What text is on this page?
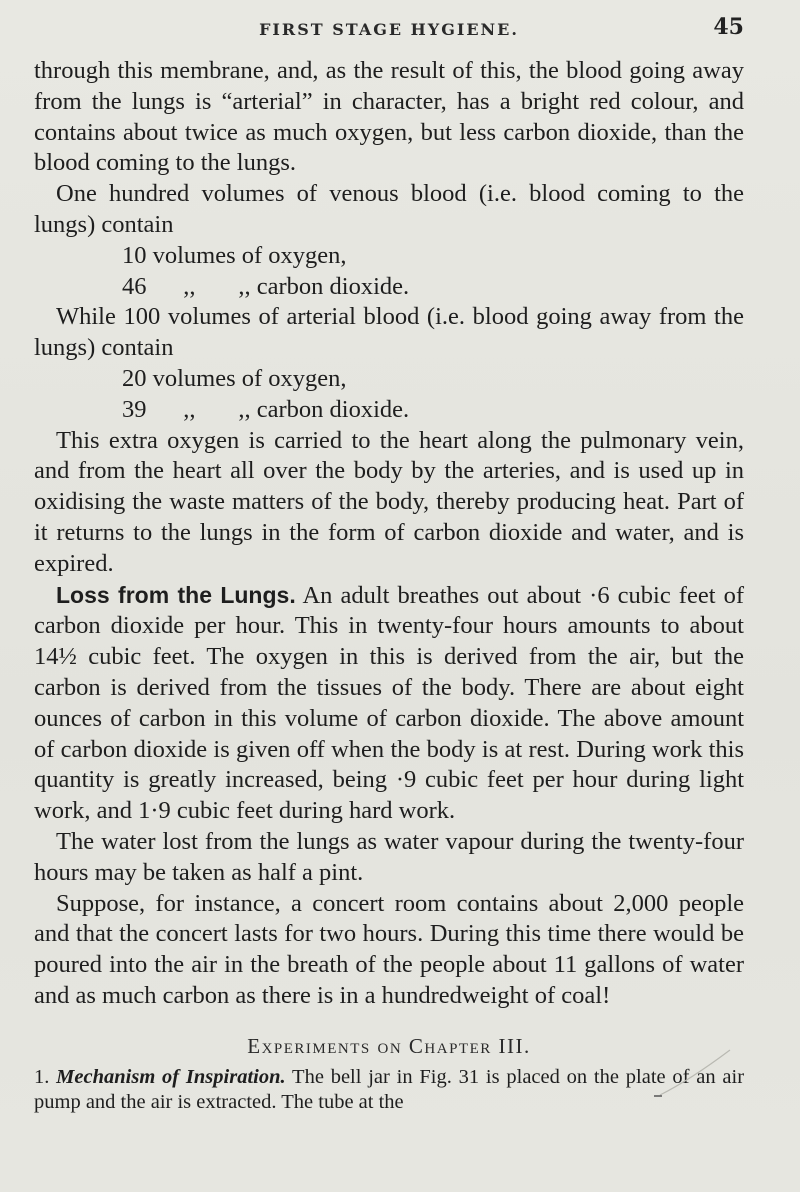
FIRST STAGE HYGIENE.	45

through this membrane, and, as the result of this, the blood going away from the lungs is “arterial” in character, has a bright red colour, and contains about twice as much oxygen, but less carbon dioxide, than the blood coming to the lungs.

One hundred volumes of venous blood (i.e. blood coming to the lungs) contain

10 volumes of oxygen,

46      ,,       ,, carbon dioxide.

While 100 volumes of arterial blood (i.e. blood going away from the lungs) contain

20 volumes of oxygen,

39      ,,       ,, carbon dioxide.

This extra oxygen is carried to the heart along the pulmonary vein, and from the heart all over the body by the arteries, and is used up in oxidising the waste matters of the body, thereby producing heat. Part of it returns to the lungs in the form of carbon dioxide and water, and is expired.

Loss from the Lungs. An adult breathes out about ·6 cubic feet of carbon dioxide per hour. This in twenty-four hours amounts to about 14½ cubic feet. The oxygen in this is derived from the air, but the carbon is derived from the tissues of the body. There are about eight ounces of carbon in this volume of carbon dioxide. The above amount of carbon dioxide is given off when the body is at rest. During work this quantity is greatly increased, being ·9 cubic feet per hour during light work, and 1·9 cubic feet during hard work.

The water lost from the lungs as water vapour during the twenty-four hours may be taken as half a pint.

Suppose, for instance, a concert room contains about 2,000 people and that the concert lasts for two hours. During this time there would be poured into the air in the breath of the people about 11 gallons of water and as much carbon as there is in a hundredweight of coal!

Experiments on Chapter III.

1. Mechanism of Inspiration. The bell jar in Fig. 31 is placed on the plate of an air pump and the air is extracted. The tube at the
